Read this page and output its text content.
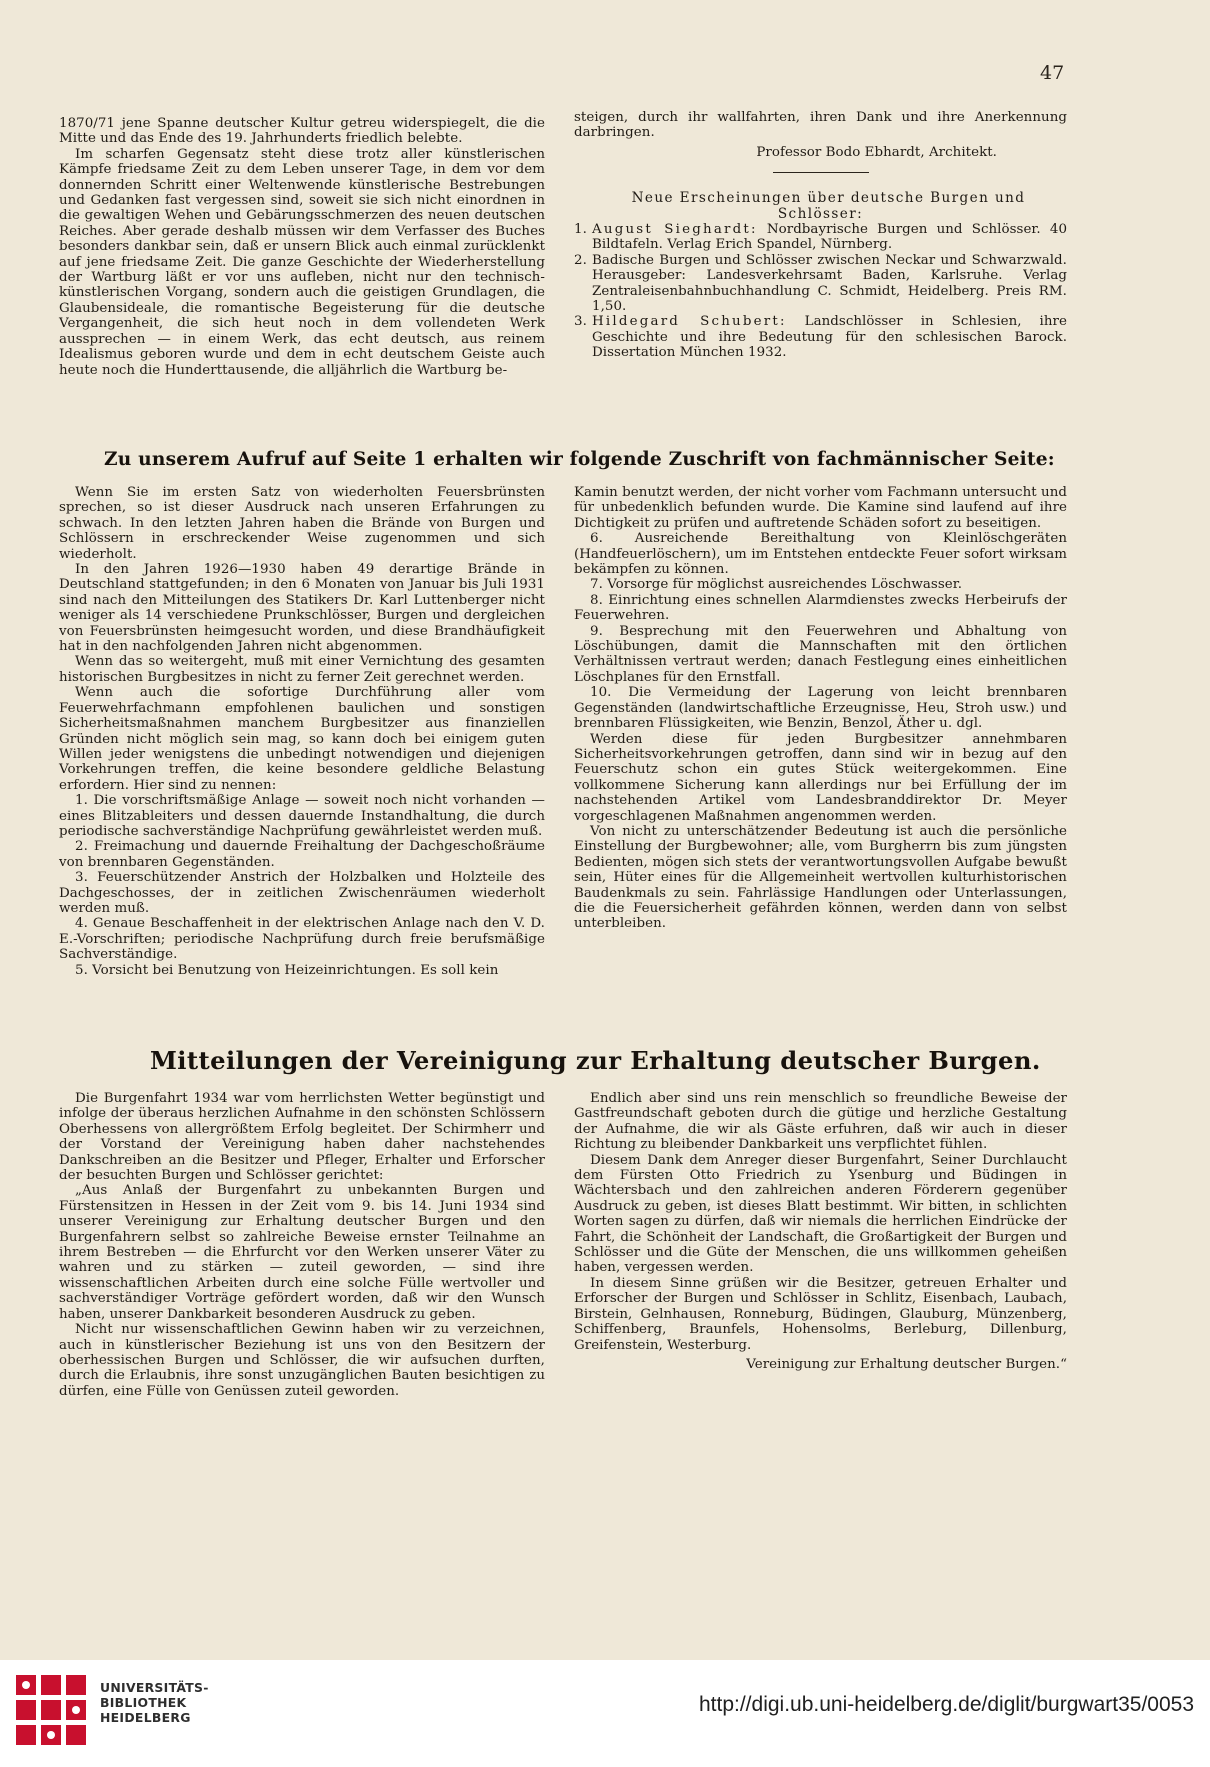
47

1870/71 jene Spanne deutscher Kultur getreu widerspiegelt, die die Mitte und das Ende des 19. Jahrhunderts friedlich belebte.

Im scharfen Gegensatz steht diese trotz aller künstlerischen Kämpfe friedsame Zeit zu dem Leben unserer Tage, in dem vor dem donnernden Schritt einer Weltenwende künstlerische Bestrebungen und Gedanken fast vergessen sind, soweit sie sich nicht einordnen in die gewaltigen Wehen und Gebärungsschmerzen des neuen deutschen Reiches. Aber gerade deshalb müssen wir dem Verfasser des Buches besonders dankbar sein, daß er unsern Blick auch einmal zurücklenkt auf jene friedsame Zeit. Die ganze Geschichte der Wiederherstellung der Wartburg läßt er vor uns aufleben, nicht nur den technisch-künstlerischen Vorgang, sondern auch die geistigen Grundlagen, die Glaubensideale, die romantische Begeisterung für die deutsche Vergangenheit, die sich heut noch in dem vollendeten Werk aussprechen — in einem Werk, das echt deutsch, aus reinem Idealismus geboren wurde und dem in echt deutschem Geiste auch heute noch die Hunderttausende, die alljährlich die Wartburg be-

steigen, durch ihr wallfahrten, ihren Dank und ihre Anerkennung darbringen.

Professor Bodo Ebhardt, Architekt.

Neue Erscheinungen über deutsche Burgen und Schlösser:

1. August Sieghardt: Nordbayrische Burgen und Schlösser. 40 Bildtafeln. Verlag Erich Spandel, Nürnberg.
2. Badische Burgen und Schlösser zwischen Neckar und Schwarzwald. Herausgeber: Landesverkehrsamt Baden, Karlsruhe. Verlag Zentraleisenbahnbuchhandlung C. Schmidt, Heidelberg. Preis RM. 1,50.
3. Hildegard Schubert: Landschlösser in Schlesien, ihre Geschichte und ihre Bedeutung für den schlesischen Barock. Dissertation München 1932.
Zu unserem Aufruf auf Seite 1 erhalten wir folgende Zuschrift von fachmännischer Seite:

Wenn Sie im ersten Satz von wiederholten Feuersbrünsten sprechen, so ist dieser Ausdruck nach unseren Erfahrungen zu schwach. In den letzten Jahren haben die Brände von Burgen und Schlössern in erschreckender Weise zugenommen und sich wiederholt.

In den Jahren 1926—1930 haben 49 derartige Brände in Deutschland stattgefunden; in den 6 Monaten von Januar bis Juli 1931 sind nach den Mitteilungen des Statikers Dr. Karl Luttenberger nicht weniger als 14 verschiedene Prunkschlösser, Burgen und dergleichen von Feuersbrünsten heimgesucht worden, und diese Brandhäufigkeit hat in den nachfolgenden Jahren nicht abgenommen.

Wenn das so weitergeht, muß mit einer Vernichtung des gesamten historischen Burgbesitzes in nicht zu ferner Zeit gerechnet werden.

Wenn auch die sofortige Durchführung aller vom Feuerwehrfachmann empfohlenen baulichen und sonstigen Sicherheitsmaßnahmen manchem Burgbesitzer aus finanziellen Gründen nicht möglich sein mag, so kann doch bei einigem guten Willen jeder wenigstens die unbedingt notwendigen und diejenigen Vorkehrungen treffen, die keine besondere geldliche Belastung erfordern. Hier sind zu nennen:

1. Die vorschriftsmäßige Anlage — soweit noch nicht vorhanden — eines Blitzableiters und dessen dauernde Instandhaltung, die durch periodische sachverständige Nachprüfung gewährleistet werden muß.

2. Freimachung und dauernde Freihaltung der Dachgeschoßräume von brennbaren Gegenständen.

3. Feuerschützender Anstrich der Holzbalken und Holzteile des Dachgeschosses, der in zeitlichen Zwischenräumen wiederholt werden muß.

4. Genaue Beschaffenheit in der elektrischen Anlage nach den V. D. E.-Vorschriften; periodische Nachprüfung durch freie berufsmäßige Sachverständige.

5. Vorsicht bei Benutzung von Heizeinrichtungen. Es soll kein

Kamin benutzt werden, der nicht vorher vom Fachmann untersucht und für unbedenklich befunden wurde. Die Kamine sind laufend auf ihre Dichtigkeit zu prüfen und auftretende Schäden sofort zu beseitigen.

6. Ausreichende Bereithaltung von Kleinlöschgeräten (Handfeuerlöschern), um im Entstehen entdeckte Feuer sofort wirksam bekämpfen zu können.

7. Vorsorge für möglichst ausreichendes Löschwasser.

8. Einrichtung eines schnellen Alarmdienstes zwecks Herbeirufs der Feuerwehren.

9. Besprechung mit den Feuerwehren und Abhaltung von Löschübungen, damit die Mannschaften mit den örtlichen Verhältnissen vertraut werden; danach Festlegung eines einheitlichen Löschplanes für den Ernstfall.

10. Die Vermeidung der Lagerung von leicht brennbaren Gegenständen (landwirtschaftliche Erzeugnisse, Heu, Stroh usw.) und brennbaren Flüssigkeiten, wie Benzin, Benzol, Äther u. dgl.

Werden diese für jeden Burgbesitzer annehmbaren Sicherheitsvorkehrungen getroffen, dann sind wir in bezug auf den Feuerschutz schon ein gutes Stück weitergekommen. Eine vollkommene Sicherung kann allerdings nur bei Erfüllung der im nachstehenden Artikel vom Landesbranddirektor Dr. Meyer vorgeschlagenen Maßnahmen angenommen werden.

Von nicht zu unterschätzender Bedeutung ist auch die persönliche Einstellung der Burgbewohner; alle, vom Burgherrn bis zum jüngsten Bedienten, mögen sich stets der verantwortungsvollen Aufgabe bewußt sein, Hüter eines für die Allgemeinheit wertvollen kulturhistorischen Baudenkmals zu sein. Fahrlässige Handlungen oder Unterlassungen, die die Feuersicherheit gefährden können, werden dann von selbst unterbleiben.

Mitteilungen der Vereinigung zur Erhaltung deutscher Burgen.

Die Burgenfahrt 1934 war vom herrlichsten Wetter begünstigt und infolge der überaus herzlichen Aufnahme in den schönsten Schlössern Oberhessens von allergrößtem Erfolg begleitet. Der Schirmherr und der Vorstand der Vereinigung haben daher nachstehendes Dankschreiben an die Besitzer und Pfleger, Erhalter und Erforscher der besuchten Burgen und Schlösser gerichtet:

„Aus Anlaß der Burgenfahrt zu unbekannten Burgen und Fürstensitzen in Hessen in der Zeit vom 9. bis 14. Juni 1934 sind unserer Vereinigung zur Erhaltung deutscher Burgen und den Burgenfahrern selbst so zahlreiche Beweise ernster Teilnahme an ihrem Bestreben — die Ehrfurcht vor den Werken unserer Väter zu wahren und zu stärken — zuteil geworden, — sind ihre wissenschaftlichen Arbeiten durch eine solche Fülle wertvoller und sachverständiger Vorträge gefördert worden, daß wir den Wunsch haben, unserer Dankbarkeit besonderen Ausdruck zu geben.

Nicht nur wissenschaftlichen Gewinn haben wir zu verzeichnen, auch in künstlerischer Beziehung ist uns von den Besitzern der oberhessischen Burgen und Schlösser, die wir aufsuchen durften, durch die Erlaubnis, ihre sonst unzugänglichen Bauten besichtigen zu dürfen, eine Fülle von Genüssen zuteil geworden.

Endlich aber sind uns rein menschlich so freundliche Beweise der Gastfreundschaft geboten durch die gütige und herzliche Gestaltung der Aufnahme, die wir als Gäste erfuhren, daß wir auch in dieser Richtung zu bleibender Dankbarkeit uns verpflichtet fühlen.

Diesem Dank dem Anreger dieser Burgenfahrt, Seiner Durchlaucht dem Fürsten Otto Friedrich zu Ysenburg und Büdingen in Wächtersbach und den zahlreichen anderen Förderern gegenüber Ausdruck zu geben, ist dieses Blatt bestimmt. Wir bitten, in schlichten Worten sagen zu dürfen, daß wir niemals die herrlichen Eindrücke der Fahrt, die Schönheit der Landschaft, die Großartigkeit der Burgen und Schlösser und die Güte der Menschen, die uns willkommen geheißen haben, vergessen werden.

In diesem Sinne grüßen wir die Besitzer, getreuen Erhalter und Erforscher der Burgen und Schlösser in Schlitz, Eisenbach, Laubach, Birstein, Gelnhausen, Ronneburg, Büdingen, Glauburg, Münzenberg, Schiffenberg, Braunfels, Hohensolms, Berleburg, Dillenburg, Greifenstein, Westerburg.

Vereinigung zur Erhaltung deutscher Burgen.“

UNIVERSITÄTS-
BIBLIOTHEK
HEIDELBERG
http://digi.ub.uni-heidelberg.de/diglit/burgwart35/0053
